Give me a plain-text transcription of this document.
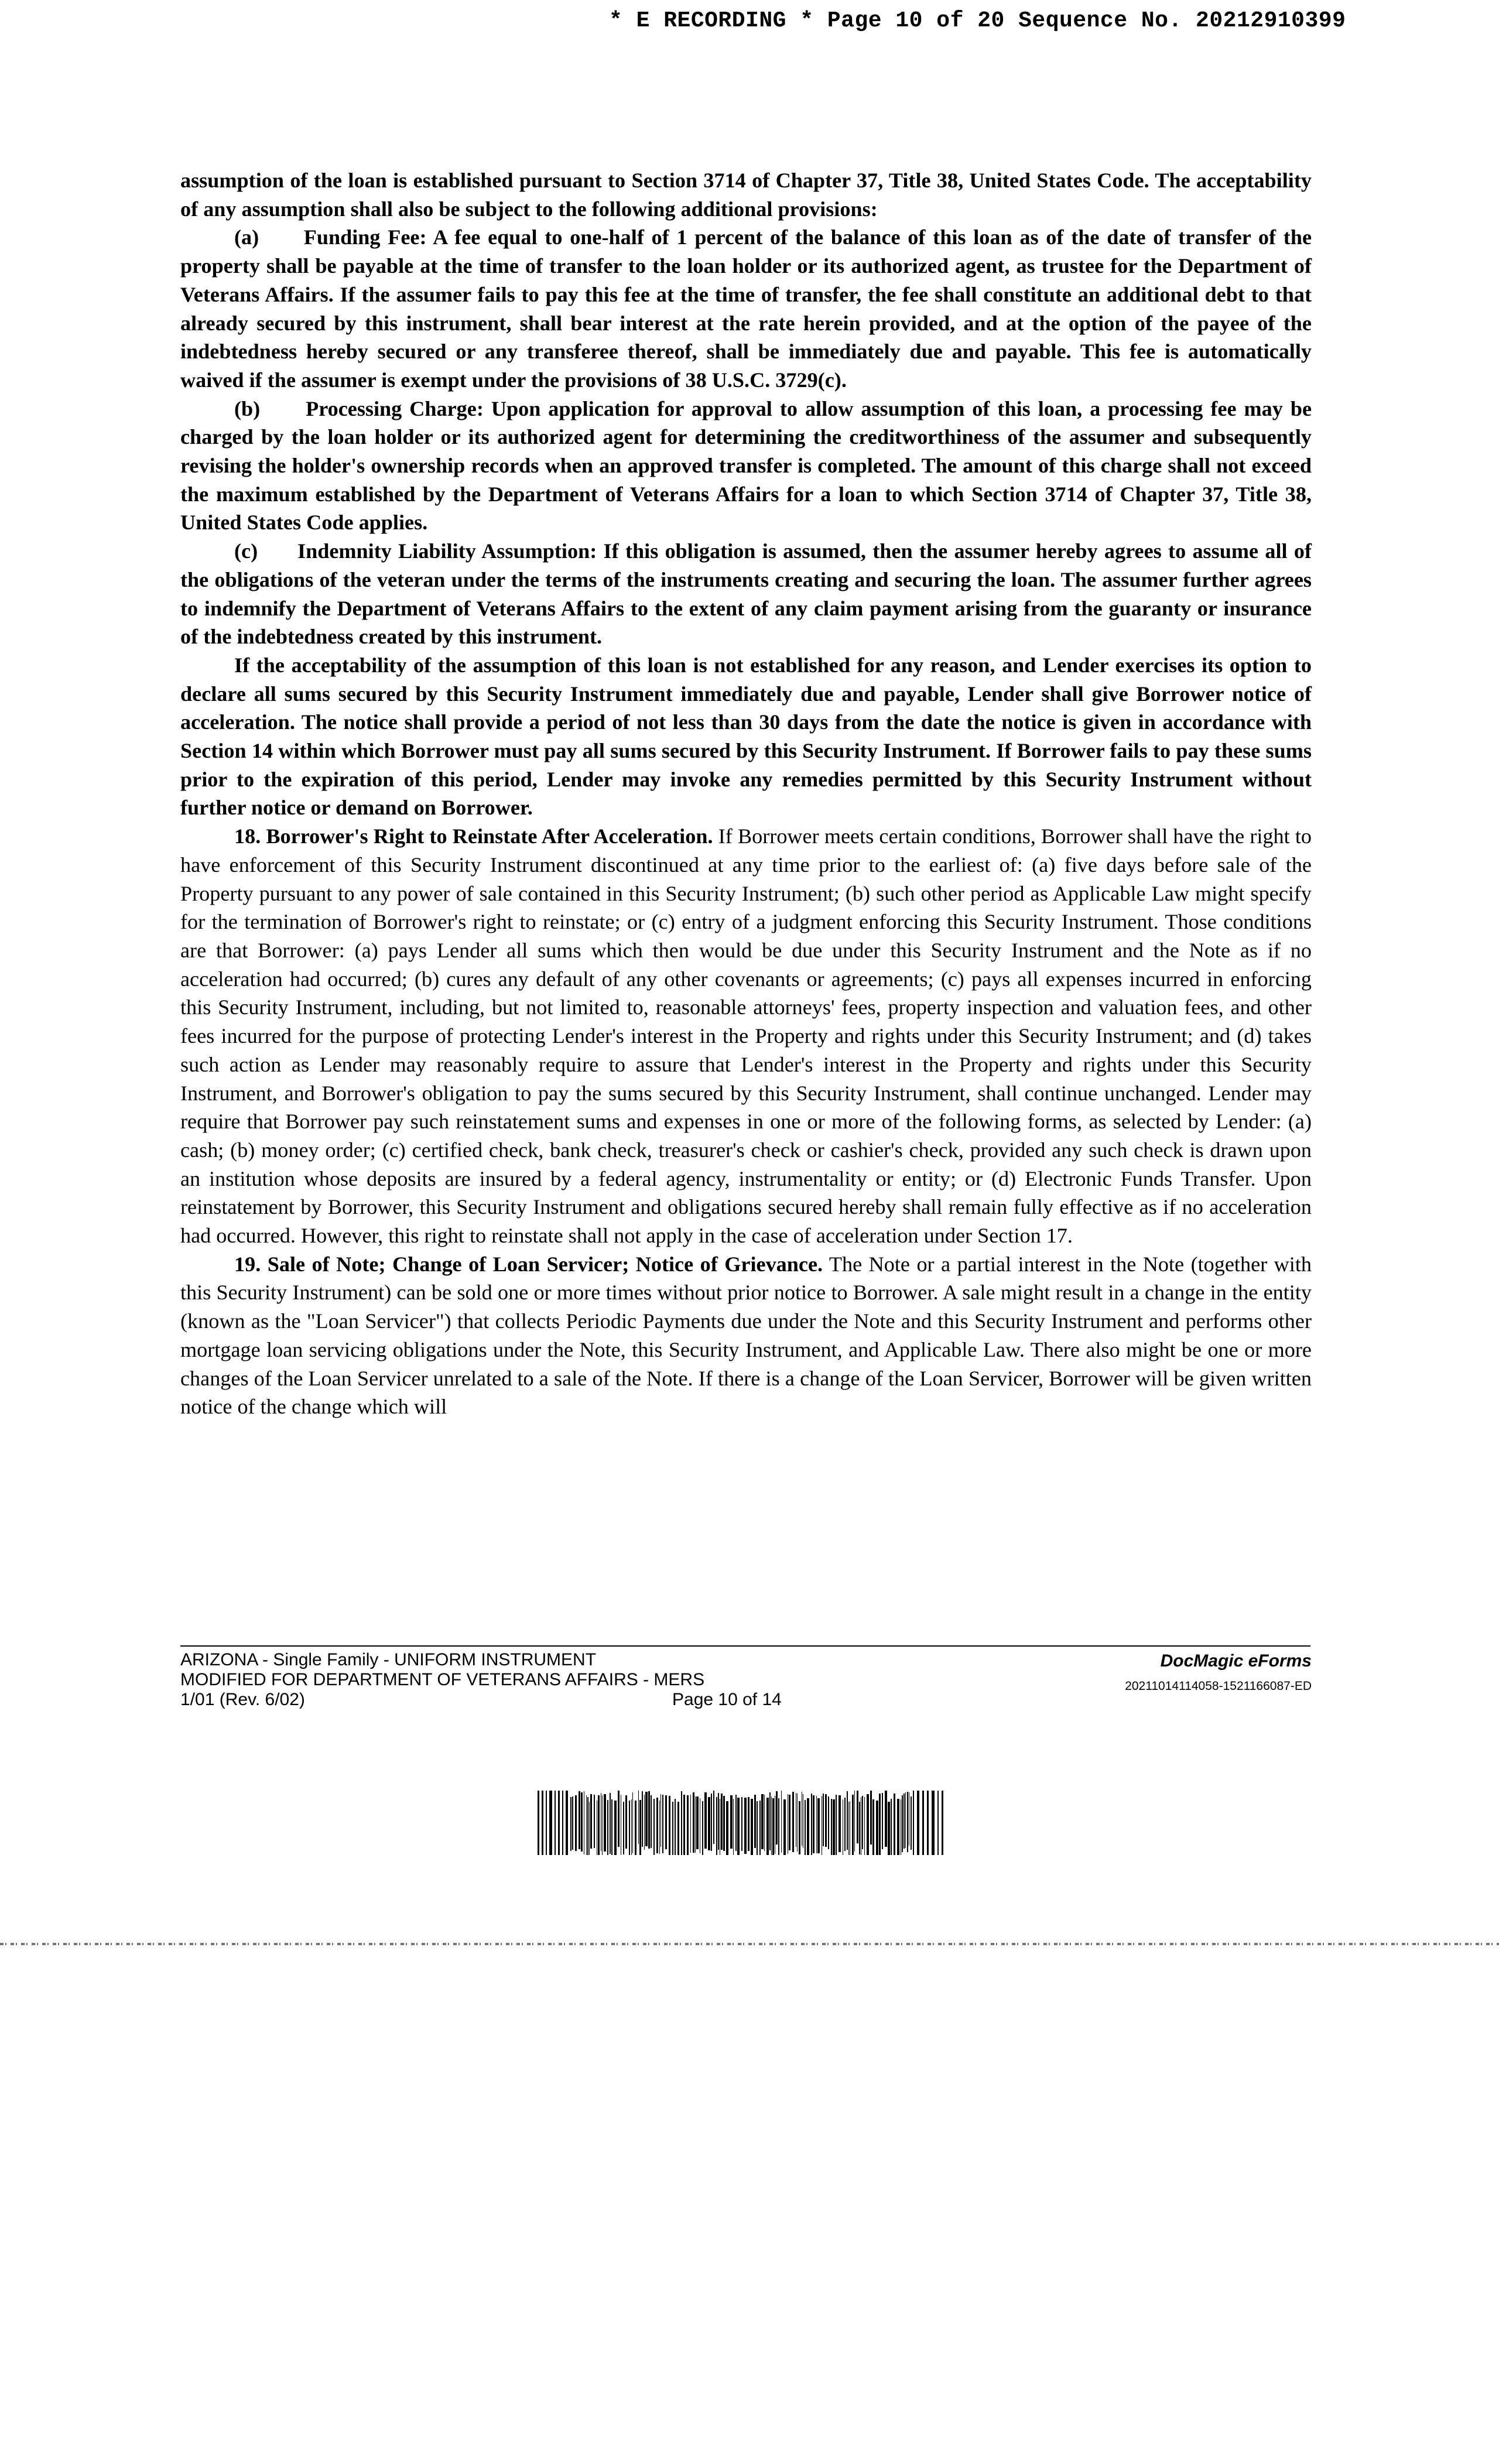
* E RECORDING * Page 10 of 20 Sequence No. 20212910399

assumption of the loan is established pursuant to Section 3714 of Chapter 37, Title 38, United States Code. The acceptability of any assumption shall also be subject to the following additional provisions:

(a) Funding Fee: A fee equal to one-half of 1 percent of the balance of this loan as of the date of transfer of the property shall be payable at the time of transfer to the loan holder or its authorized agent, as trustee for the Department of Veterans Affairs. If the assumer fails to pay this fee at the time of transfer, the fee shall constitute an additional debt to that already secured by this instrument, shall bear interest at the rate herein provided, and at the option of the payee of the indebtedness hereby secured or any transferee thereof, shall be immediately due and payable. This fee is automatically waived if the assumer is exempt under the provisions of 38 U.S.C. 3729(c).

(b) Processing Charge: Upon application for approval to allow assumption of this loan, a processing fee may be charged by the loan holder or its authorized agent for determining the creditworthiness of the assumer and subsequently revising the holder's ownership records when an approved transfer is completed. The amount of this charge shall not exceed the maximum established by the Department of Veterans Affairs for a loan to which Section 3714 of Chapter 37, Title 38, United States Code applies.

(c) Indemnity Liability Assumption: If this obligation is assumed, then the assumer hereby agrees to assume all of the obligations of the veteran under the terms of the instruments creating and securing the loan. The assumer further agrees to indemnify the Department of Veterans Affairs to the extent of any claim payment arising from the guaranty or insurance of the indebtedness created by this instrument.

If the acceptability of the assumption of this loan is not established for any reason, and Lender exercises its option to declare all sums secured by this Security Instrument immediately due and payable, Lender shall give Borrower notice of acceleration. The notice shall provide a period of not less than 30 days from the date the notice is given in accordance with Section 14 within which Borrower must pay all sums secured by this Security Instrument. If Borrower fails to pay these sums prior to the expiration of this period, Lender may invoke any remedies permitted by this Security Instrument without further notice or demand on Borrower.

18. Borrower's Right to Reinstate After Acceleration. If Borrower meets certain conditions, Borrower shall have the right to have enforcement of this Security Instrument discontinued at any time prior to the earliest of: (a) five days before sale of the Property pursuant to any power of sale contained in this Security Instrument; (b) such other period as Applicable Law might specify for the termination of Borrower's right to reinstate; or (c) entry of a judgment enforcing this Security Instrument. Those conditions are that Borrower: (a) pays Lender all sums which then would be due under this Security Instrument and the Note as if no acceleration had occurred; (b) cures any default of any other covenants or agreements; (c) pays all expenses incurred in enforcing this Security Instrument, including, but not limited to, reasonable attorneys' fees, property inspection and valuation fees, and other fees incurred for the purpose of protecting Lender's interest in the Property and rights under this Security Instrument; and (d) takes such action as Lender may reasonably require to assure that Lender's interest in the Property and rights under this Security Instrument, and Borrower's obligation to pay the sums secured by this Security Instrument, shall continue unchanged. Lender may require that Borrower pay such reinstatement sums and expenses in one or more of the following forms, as selected by Lender: (a) cash; (b) money order; (c) certified check, bank check, treasurer's check or cashier's check, provided any such check is drawn upon an institution whose deposits are insured by a federal agency, instrumentality or entity; or (d) Electronic Funds Transfer. Upon reinstatement by Borrower, this Security Instrument and obligations secured hereby shall remain fully effective as if no acceleration had occurred. However, this right to reinstate shall not apply in the case of acceleration under Section 17.

19. Sale of Note; Change of Loan Servicer; Notice of Grievance. The Note or a partial interest in the Note (together with this Security Instrument) can be sold one or more times without prior notice to Borrower. A sale might result in a change in the entity (known as the "Loan Servicer") that collects Periodic Payments due under the Note and this Security Instrument and performs other mortgage loan servicing obligations under the Note, this Security Instrument, and Applicable Law. There also might be one or more changes of the Loan Servicer unrelated to a sale of the Note. If there is a change of the Loan Servicer, Borrower will be given written notice of the change which will

ARIZONA - Single Family - UNIFORM INSTRUMENT
MODIFIED FOR DEPARTMENT OF VETERANS AFFAIRS - MERS
1/01 (Rev. 6/02)	Page 10 of 14
DocMagic eForms
20211014114058-1521166087-ED
